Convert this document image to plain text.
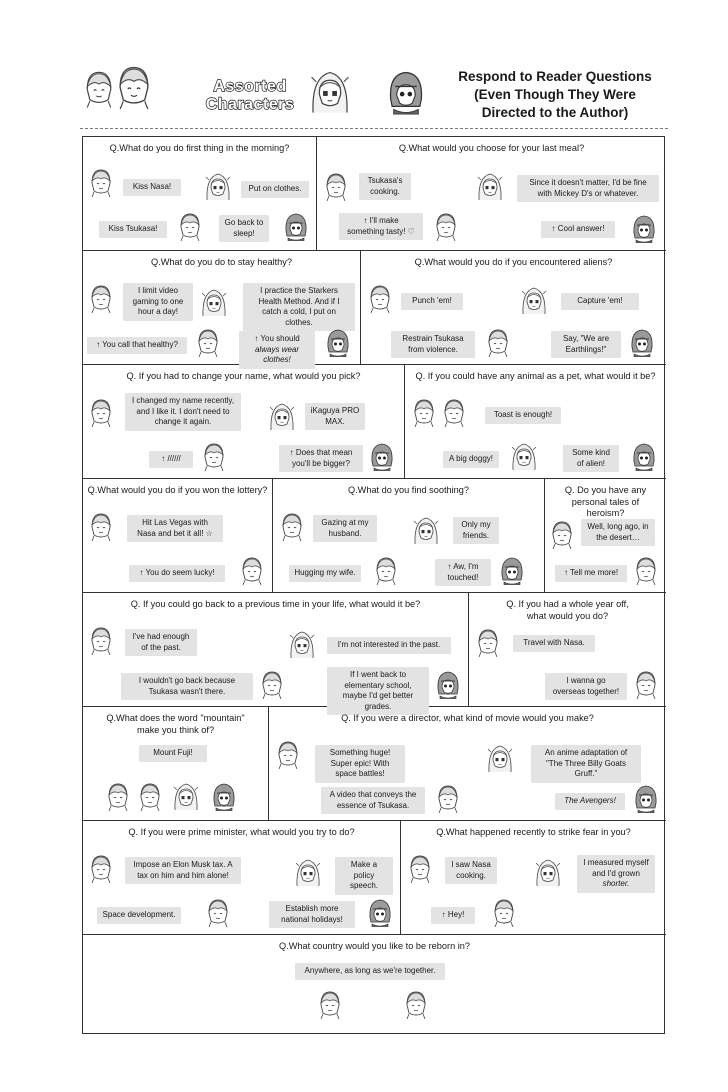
Assorted
Characters
Respond to Reader Questions
(Even Though They Were
Directed to the Author)
Q.What do you do first thing in the morning?
Kiss Nasa!	Put on clothes.
Kiss Tsukasa!
Go back to sleep!
Q.What would you choose for your last meal?
Tsukasa's cooking.
Since it doesn't matter, I'd be fine with Mickey D's or whatever.
↑ I'll make something tasty! ♡	↑ Cool answer!
Q.What do you do to stay healthy?
I limit video gaming to one hour a day!
I practice the Starkers Health Method. And if I catch a cold, I put on clothes.
↑ You call that healthy?
↑ You should
always wear clothes!
Q.What would you do if you encountered aliens?
Punch 'em!	Capture 'em!
Restrain Tsukasa from violence.
Say, "We are Earthlings!"
Q. If you had to change your name, what would you pick?
I changed my name recently, and I like it. I don't need to change it again.
iKaguya PRO MAX.
↑ //////
↑ Does that mean you'll be bigger?
Q. If you could have any animal as a pet, what would it be?
Toast is enough!
A big doggy!
Some kind of alien!
Q.What would you do if you won the lottery?
Hit Las Vegas with Nasa and bet it all! ☆
↑ You do seem lucky!
Q.What do you find soothing?
Gazing at my husband.
Only my friends.
Hugging my wife.
↑ Aw, I'm touched!
Q. Do you have any personal tales of heroism?
Well, long ago, in the desert…
↑ Tell me more!
Q. If you could go back to a previous time in your life, what would it be?
I've had enough of the past.	I'm not interested in the past.
I wouldn't go back because Tsukasa wasn't there.
If I went back to elementary school, maybe I'd get better grades.
Q. If you had a whole year off, what would you do?
Travel with Nasa.
I wanna go overseas together!
Q.What does the word "mountain" make you think of?
Mount Fuji!
Q. If you were a director, what kind of movie would you make?
Something huge! Super epic! With space battles!
An anime adaptation of "The Three Billy Goats Gruff."
A video that conveys the essence of Tsukasa.	The Avengers!
Q. If you were prime minister, what would you try to do?
Impose an Elon Musk tax. A tax on him and him alone!
Make a policy speech.
Space development.
Establish more national holidays!
Q.What happened recently to strike fear in you?
I saw Nasa cooking.
I measured myself and I'd grown shorter.
↑ Hey!
Q.What country would you like to be reborn in?
Anywhere, as long as we're together.
